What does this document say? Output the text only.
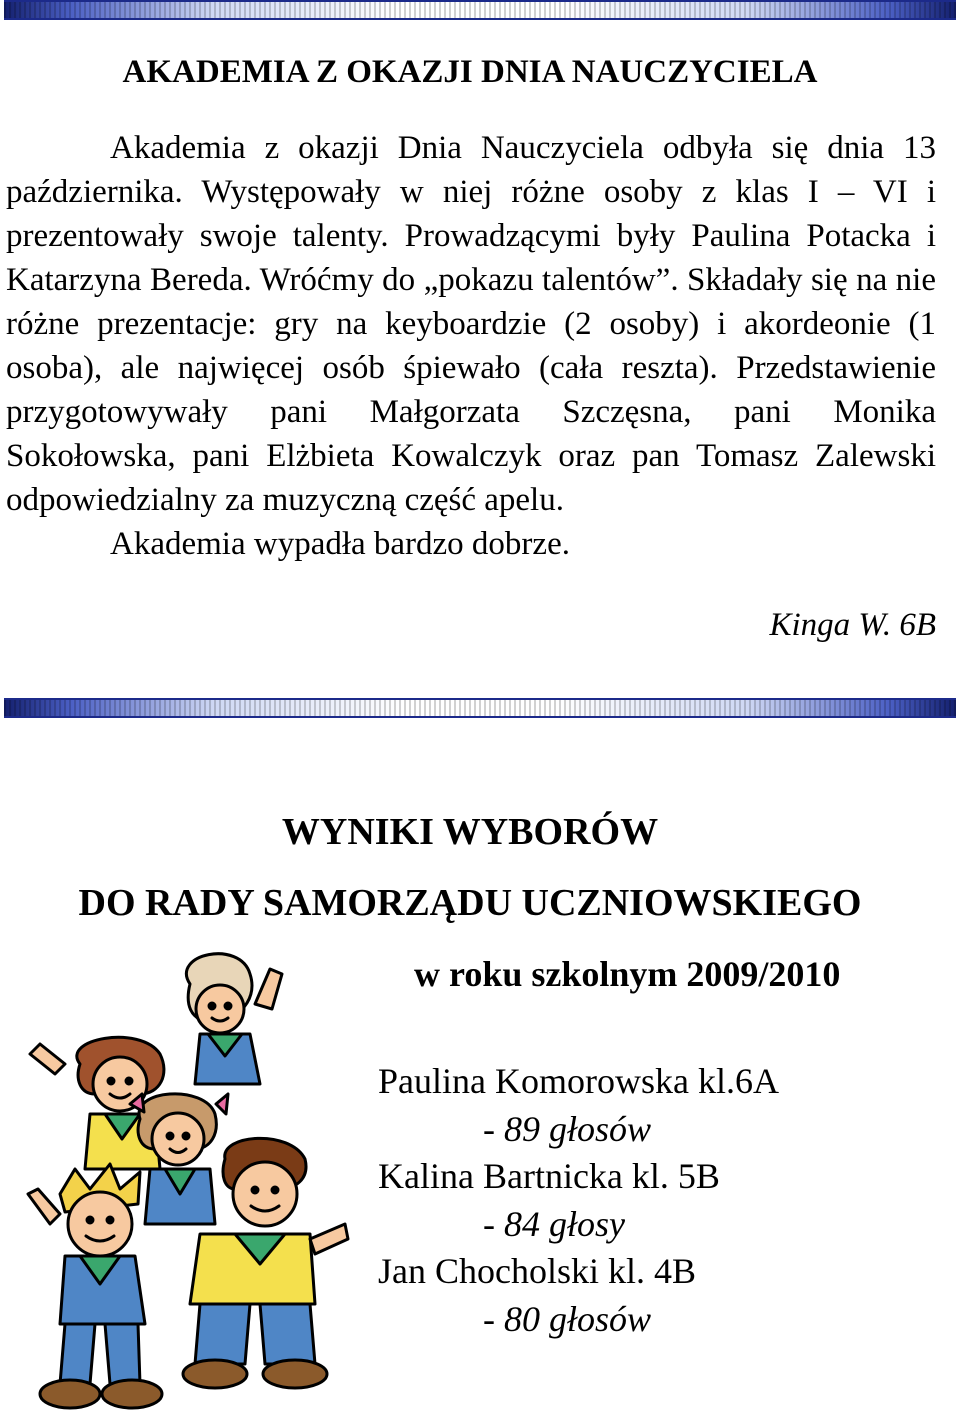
AKADEMIA Z OKAZJI DNIA NAUCZYCIELA

Akademia z okazji Dnia Nauczyciela odbyła się dnia 13 października. Występowały w niej różne osoby z klas I – VI i prezentowały swoje talenty. Prowadzącymi były Paulina Potacka i Katarzyna Bereda. Wróćmy do „pokazu talentów”. Składały się na nie różne prezentacje: gry na keyboardzie (2 osoby) i akordeonie (1 osoba), ale najwięcej osób śpiewało (cała reszta). Przedstawienie przygotowywały pani Małgorzata Szczęsna, pani Monika Sokołowska, pani Elżbieta Kowalczyk oraz pan Tomasz Zalewski odpowiedzialny za muzyczną część apelu.

Akademia wypadła bardzo dobrze.

Kinga W. 6B

WYNIKI WYBORÓW
DO RADY SAMORZĄDU UCZNIOWSKIEGO
w roku szkolnym 2009/2010
Paulina Komorowska kl.6A
- 89 głosów
Kalina Bartnicka kl. 5B
- 84 głosy
Jan Chocholski kl. 4B
- 80 głosów
